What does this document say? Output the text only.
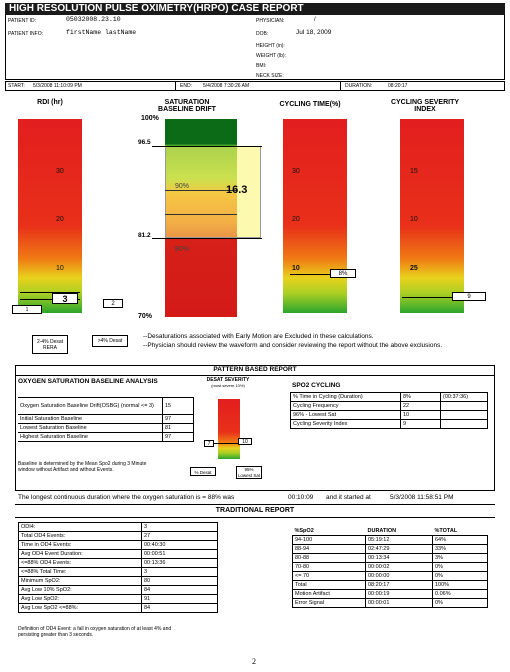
HIGH RESOLUTION PULSE OXIMETRY(HRPO) CASE REPORT
PATIENT ID:	05032008.23.10
PATIENT INFO:	firstName lastName
PHYSICIAN:	/
DOB:	Jul 18, 2009
HEIGHT (in):
WEIGHT (lb):
BMI:
NECK SIZE:
START: 5/3/2008 11:10:09 PM	END: 5/4/2008 7:30:26 AM	DURATION:	08:20:17
RDI (hr)
30
20
10
3	2
1
SATURATION BASELINE DRIFT
100%
70%
96.5
81.2
90%
80%
16.3
CYCLING TIME(%)
30
20
10
8%
CYCLING SEVERITY INDEX
15
10
25
9
2-4% Desat RERA
>4% Desat
--Desaturations associated with Early Motion are Excluded in these calculations.
--Physician should review the waveform and consider reviewing the report without the above exclusions.
PATTERN BASED REPORT
OXYGEN SATURATION BASELINE ANALYSIS
Oxygen Saturation Baseline Drift(OSBG) (normal <= 3)	15
Initial Saturation Baseline	97
Lowest Saturation Baseline	81
Highest Saturation Baseline	97
Baseline is determined by the Mean Spo2 during 3 Minute window without Artifact and without Events.
DESAT SEVERITY
(most severe 10%)
7	10
% Desat
95% Lowest Sat
SPO2 CYCLING
% Time in Cycling (Duration)	8%	(00:37:36)
Cycling Frequency	22	
96% - Lowest Sat	10	
Cycling Severity Index	9	
The longest continuous duration where the oxygen saturation is = 88% was	00:10:09 and it started at	5/3/2008 11:58:51 PM
TRADITIONAL REPORT
ODI4:	3
Total OD4 Events:	27
Time in OD4 Events:	00:40:30
Avg OD4 Event Duration:	00:00:51
<=88% OD4 Events:	00:13:36
<=88% Total Time:	3
Minimum SpO2:	80
Avg Low 10% SpO2:	84
Avg Low SpO2:	91
Avg Low SpO2 <=88%:	84
Definition of OD4 Event: a fall in oxygen saturation of at least 4% and persisting greater than 3 seconds.
%SpO2	DURATION	%TOTAL
94-100	05:19:12	64%
88-94	02:47:29	33%
80-88	00:13:34	3%
70-80	00:00:02	0%
<= 70	00:00:00	0%
Total	08:20:17	100%
Motion Artifact	00:00:19	0.06%
Error Signal	00:00:01	0%
2
